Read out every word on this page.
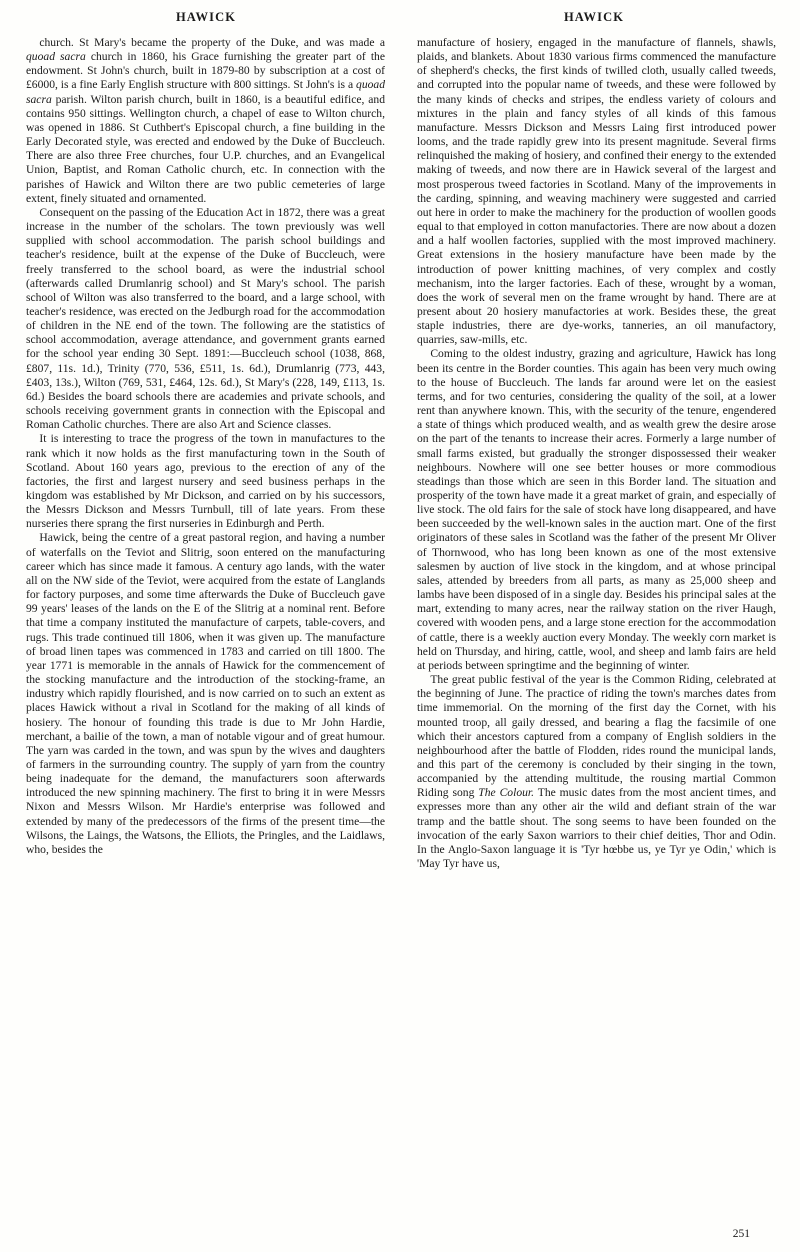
HAWICK	HAWICK

church. St Mary's became the property of the Duke, and was made a quoad sacra church in 1860, his Grace furnishing the greater part of the endowment. St John's church, built in 1879-80 by subscription at a cost of £6000, is a fine Early English structure with 800 sittings. St John's is a quoad sacra parish. Wilton parish church, built in 1860, is a beautiful edifice, and contains 950 sittings. Wellington church, a chapel of ease to Wilton church, was opened in 1886. St Cuthbert's Episcopal church, a fine building in the Early Decorated style, was erected and endowed by the Duke of Buccleuch. There are also three Free churches, four U.P. churches, and an Evangelical Union, Baptist, and Roman Catholic church, etc. In connection with the parishes of Hawick and Wilton there are two public cemeteries of large extent, finely situated and ornamented.

Consequent on the passing of the Education Act in 1872, there was a great increase in the number of the scholars. The town previously was well supplied with school accommodation. The parish school buildings and teacher's residence, built at the expense of the Duke of Buccleuch, were freely transferred to the school board, as were the industrial school (afterwards called Drumlanrig school) and St Mary's school. The parish school of Wilton was also transferred to the board, and a large school, with teacher's residence, was erected on the Jedburgh road for the accommodation of children in the NE end of the town. The following are the statistics of school accommodation, average attendance, and government grants earned for the school year ending 30 Sept. 1891:—Buccleuch school (1038, 868, £807, 11s. 1d.), Trinity (770, 536, £511, 1s. 6d.), Drumlanrig (773, 443, £403, 13s.), Wilton (769, 531, £464, 12s. 6d.), St Mary's (228, 149, £113, 1s. 6d.) Besides the board schools there are academies and private schools, and schools receiving government grants in connection with the Episcopal and Roman Catholic churches. There are also Art and Science classes.

It is interesting to trace the progress of the town in manufactures to the rank which it now holds as the first manufacturing town in the South of Scotland. About 160 years ago, previous to the erection of any of the factories, the first and largest nursery and seed business perhaps in the kingdom was established by Mr Dickson, and carried on by his successors, the Messrs Dickson and Messrs Turnbull, till of late years. From these nurseries there sprang the first nurseries in Edinburgh and Perth.

Hawick, being the centre of a great pastoral region, and having a number of waterfalls on the Teviot and Slitrig, soon entered on the manufacturing career which has since made it famous. A century ago lands, with the water all on the NW side of the Teviot, were acquired from the estate of Langlands for factory purposes, and some time afterwards the Duke of Buccleuch gave 99 years' leases of the lands on the E of the Slitrig at a nominal rent. Before that time a company instituted the manufacture of carpets, table-covers, and rugs. This trade continued till 1806, when it was given up. The manufacture of broad linen tapes was commenced in 1783 and carried on till 1800. The year 1771 is memorable in the annals of Hawick for the commencement of the stocking manufacture and the introduction of the stocking-frame, an industry which rapidly flourished, and is now carried on to such an extent as places Hawick without a rival in Scotland for the making of all kinds of hosiery. The honour of founding this trade is due to Mr John Hardie, merchant, a bailie of the town, a man of notable vigour and of great humour. The yarn was carded in the town, and was spun by the wives and daughters of farmers in the surrounding country. The supply of yarn from the country being inadequate for the demand, the manufacturers soon afterwards introduced the new spinning machinery. The first to bring it in were Messrs Nixon and Messrs Wilson. Mr Hardie's enterprise was followed and extended by many of the predecessors of the firms of the present time—the Wilsons, the Laings, the Watsons, the Elliots, the Pringles, and the Laidlaws, who, besides the

manufacture of hosiery, engaged in the manufacture of flannels, shawls, plaids, and blankets. About 1830 various firms commenced the manufacture of shepherd's checks, the first kinds of twilled cloth, usually called tweeds, and corrupted into the popular name of tweeds, and these were followed by the many kinds of checks and stripes, the endless variety of colours and mixtures in the plain and fancy styles of all kinds of this famous manufacture. Messrs Dickson and Messrs Laing first introduced power looms, and the trade rapidly grew into its present magnitude. Several firms relinquished the making of hosiery, and confined their energy to the extended making of tweeds, and now there are in Hawick several of the largest and most prosperous tweed factories in Scotland. Many of the improvements in the carding, spinning, and weaving machinery were suggested and carried out here in order to make the machinery for the production of woollen goods equal to that employed in cotton manufactories. There are now about a dozen and a half woollen factories, supplied with the most improved machinery. Great extensions in the hosiery manufacture have been made by the introduction of power knitting machines, of very complex and costly mechanism, into the larger factories. Each of these, wrought by a woman, does the work of several men on the frame wrought by hand. There are at present about 20 hosiery manufactories at work. Besides these, the great staple industries, there are dye-works, tanneries, an oil manufactory, quarries, saw-mills, etc.

Coming to the oldest industry, grazing and agriculture, Hawick has long been its centre in the Border counties. This again has been very much owing to the house of Buccleuch. The lands far around were let on the easiest terms, and for two centuries, considering the quality of the soil, at a lower rent than anywhere known. This, with the security of the tenure, engendered a state of things which produced wealth, and as wealth grew the desire arose on the part of the tenants to increase their acres. Formerly a large number of small farms existed, but gradually the stronger dispossessed their weaker neighbours. Nowhere will one see better houses or more commodious steadings than those which are seen in this Border land. The situation and prosperity of the town have made it a great market of grain, and especially of live stock. The old fairs for the sale of stock have long disappeared, and have been succeeded by the well-known sales in the auction mart. One of the first originators of these sales in Scotland was the father of the present Mr Oliver of Thornwood, who has long been known as one of the most extensive salesmen by auction of live stock in the kingdom, and at whose principal sales, attended by breeders from all parts, as many as 25,000 sheep and lambs have been disposed of in a single day. Besides his principal sales at the mart, extending to many acres, near the railway station on the river Haugh, covered with wooden pens, and a large stone erection for the accommodation of cattle, there is a weekly auction every Monday. The weekly corn market is held on Thursday, and hiring, cattle, wool, and sheep and lamb fairs are held at periods between springtime and the beginning of winter.

The great public festival of the year is the Common Riding, celebrated at the beginning of June. The practice of riding the town's marches dates from time immemorial. On the morning of the first day the Cornet, with his mounted troop, all gaily dressed, and bearing a flag the facsimile of one which their ancestors captured from a company of English soldiers in the neighbourhood after the battle of Flodden, rides round the municipal lands, and this part of the ceremony is concluded by their singing in the town, accompanied by the attending multitude, the rousing martial Common Riding song The Colour. The music dates from the most ancient times, and expresses more than any other air the wild and defiant strain of the war tramp and the battle shout. The song seems to have been founded on the invocation of the early Saxon warriors to their chief deities, Thor and Odin. In the Anglo-Saxon language it is 'Tyr hœbbe us, ye Tyr ye Odin,' which is 'May Tyr have us,

251
